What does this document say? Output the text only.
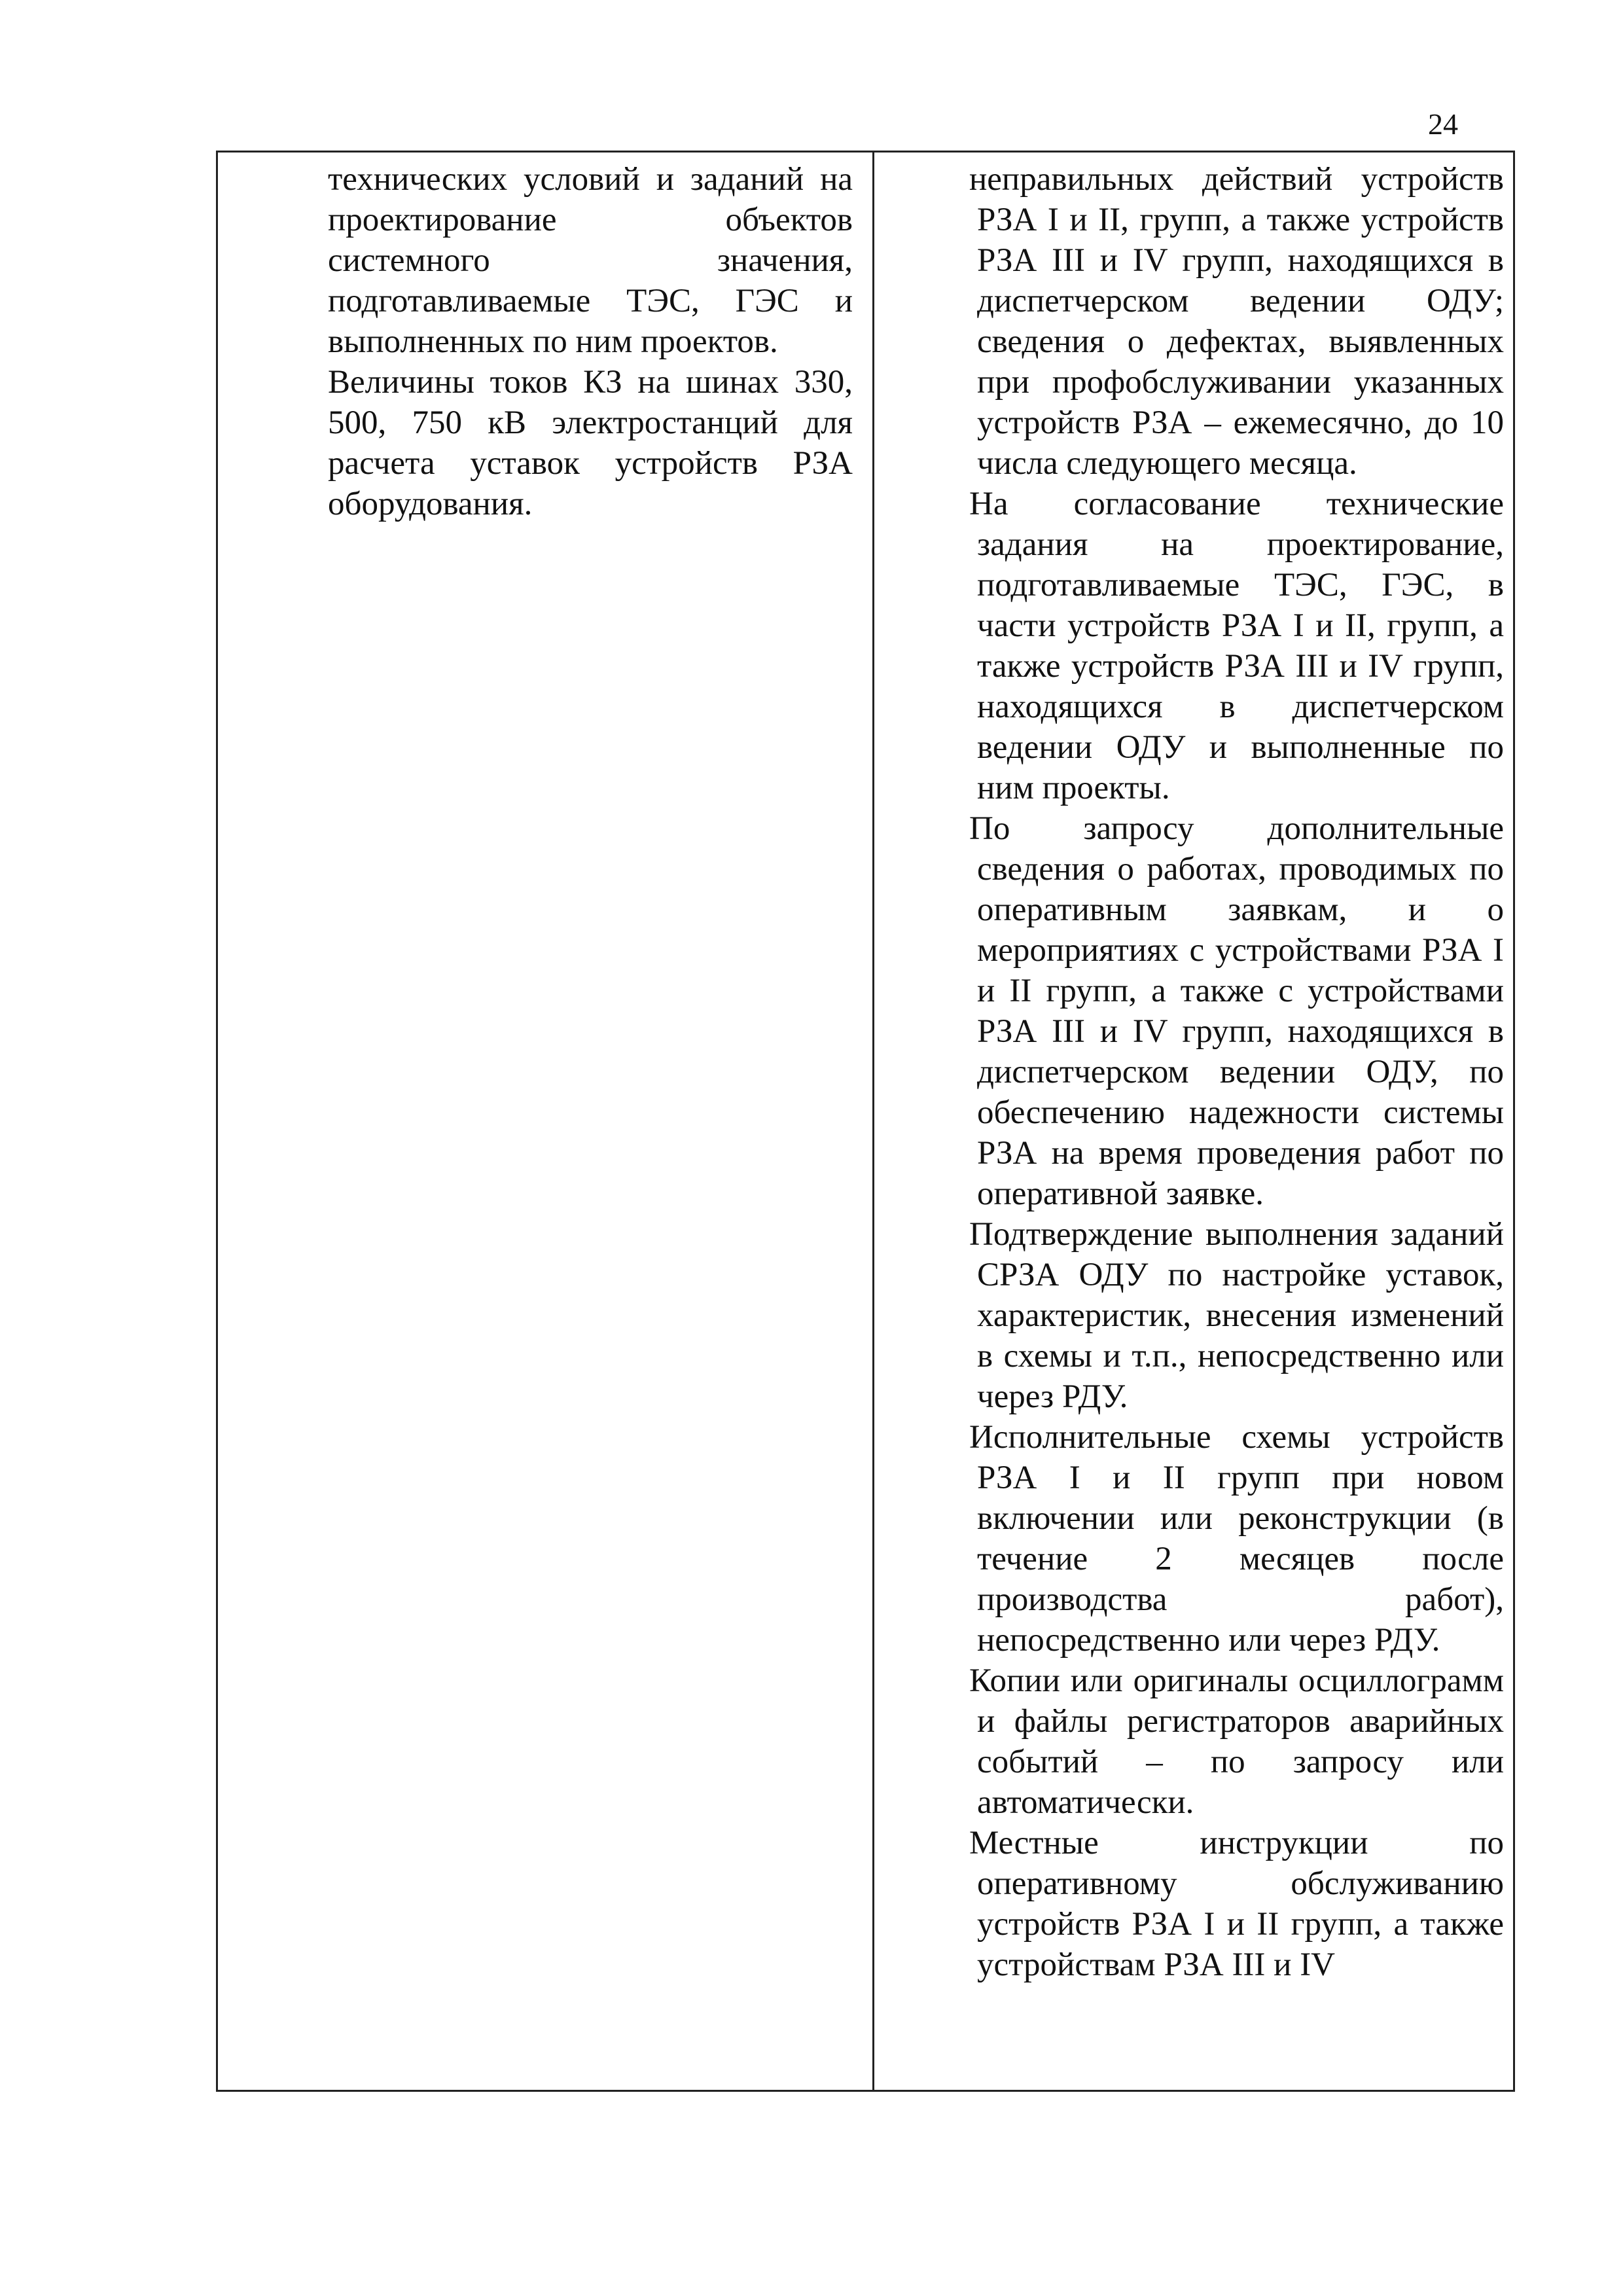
24

технических условий и заданий на проектирование объектов системного значения, подготавливаемые ТЭС, ГЭС и выполненных по ним проектов.

Величины токов КЗ на шинах 330, 500, 750 кВ электростанций для расчета уставок устройств РЗА оборудования.

неправильных действий устройств РЗА I и II, групп, а также устройств РЗА III и IV групп, находящихся в диспетчерском ведении ОДУ; сведения о дефектах, выявленных при профобслуживании указанных устройств РЗА – ежемесячно, до 10 числа следующего месяца.

На согласование технические задания на проектирование, подготавливаемые ТЭС, ГЭС, в части устройств РЗА I и II, групп, а также устройств РЗА III и IV групп, находящихся в диспетчерском ведении ОДУ и выполненные по ним проекты.

По запросу дополнительные сведения о работах, проводимых по оперативным заявкам, и о мероприятиях с устройствами РЗА I и II групп, а также с устройствами РЗА III и IV групп, находящихся в диспетчерском ведении ОДУ, по обеспечению надежности системы РЗА на время проведения работ по оперативной заявке.

Подтверждение выполнения заданий СРЗА ОДУ по настройке уставок, характеристик, внесения изменений в схемы и т.п., непосредственно или через РДУ.

Исполнительные схемы устройств РЗА I и II групп при новом включении или реконструкции (в течение 2 месяцев после производства работ), непосредственно или через РДУ.

Копии или оригиналы осциллограмм и файлы регистраторов аварийных событий – по запросу или автоматически.

Местные инструкции по оперативному обслуживанию устройств РЗА I и II групп, а также устройствам РЗА III и IV
